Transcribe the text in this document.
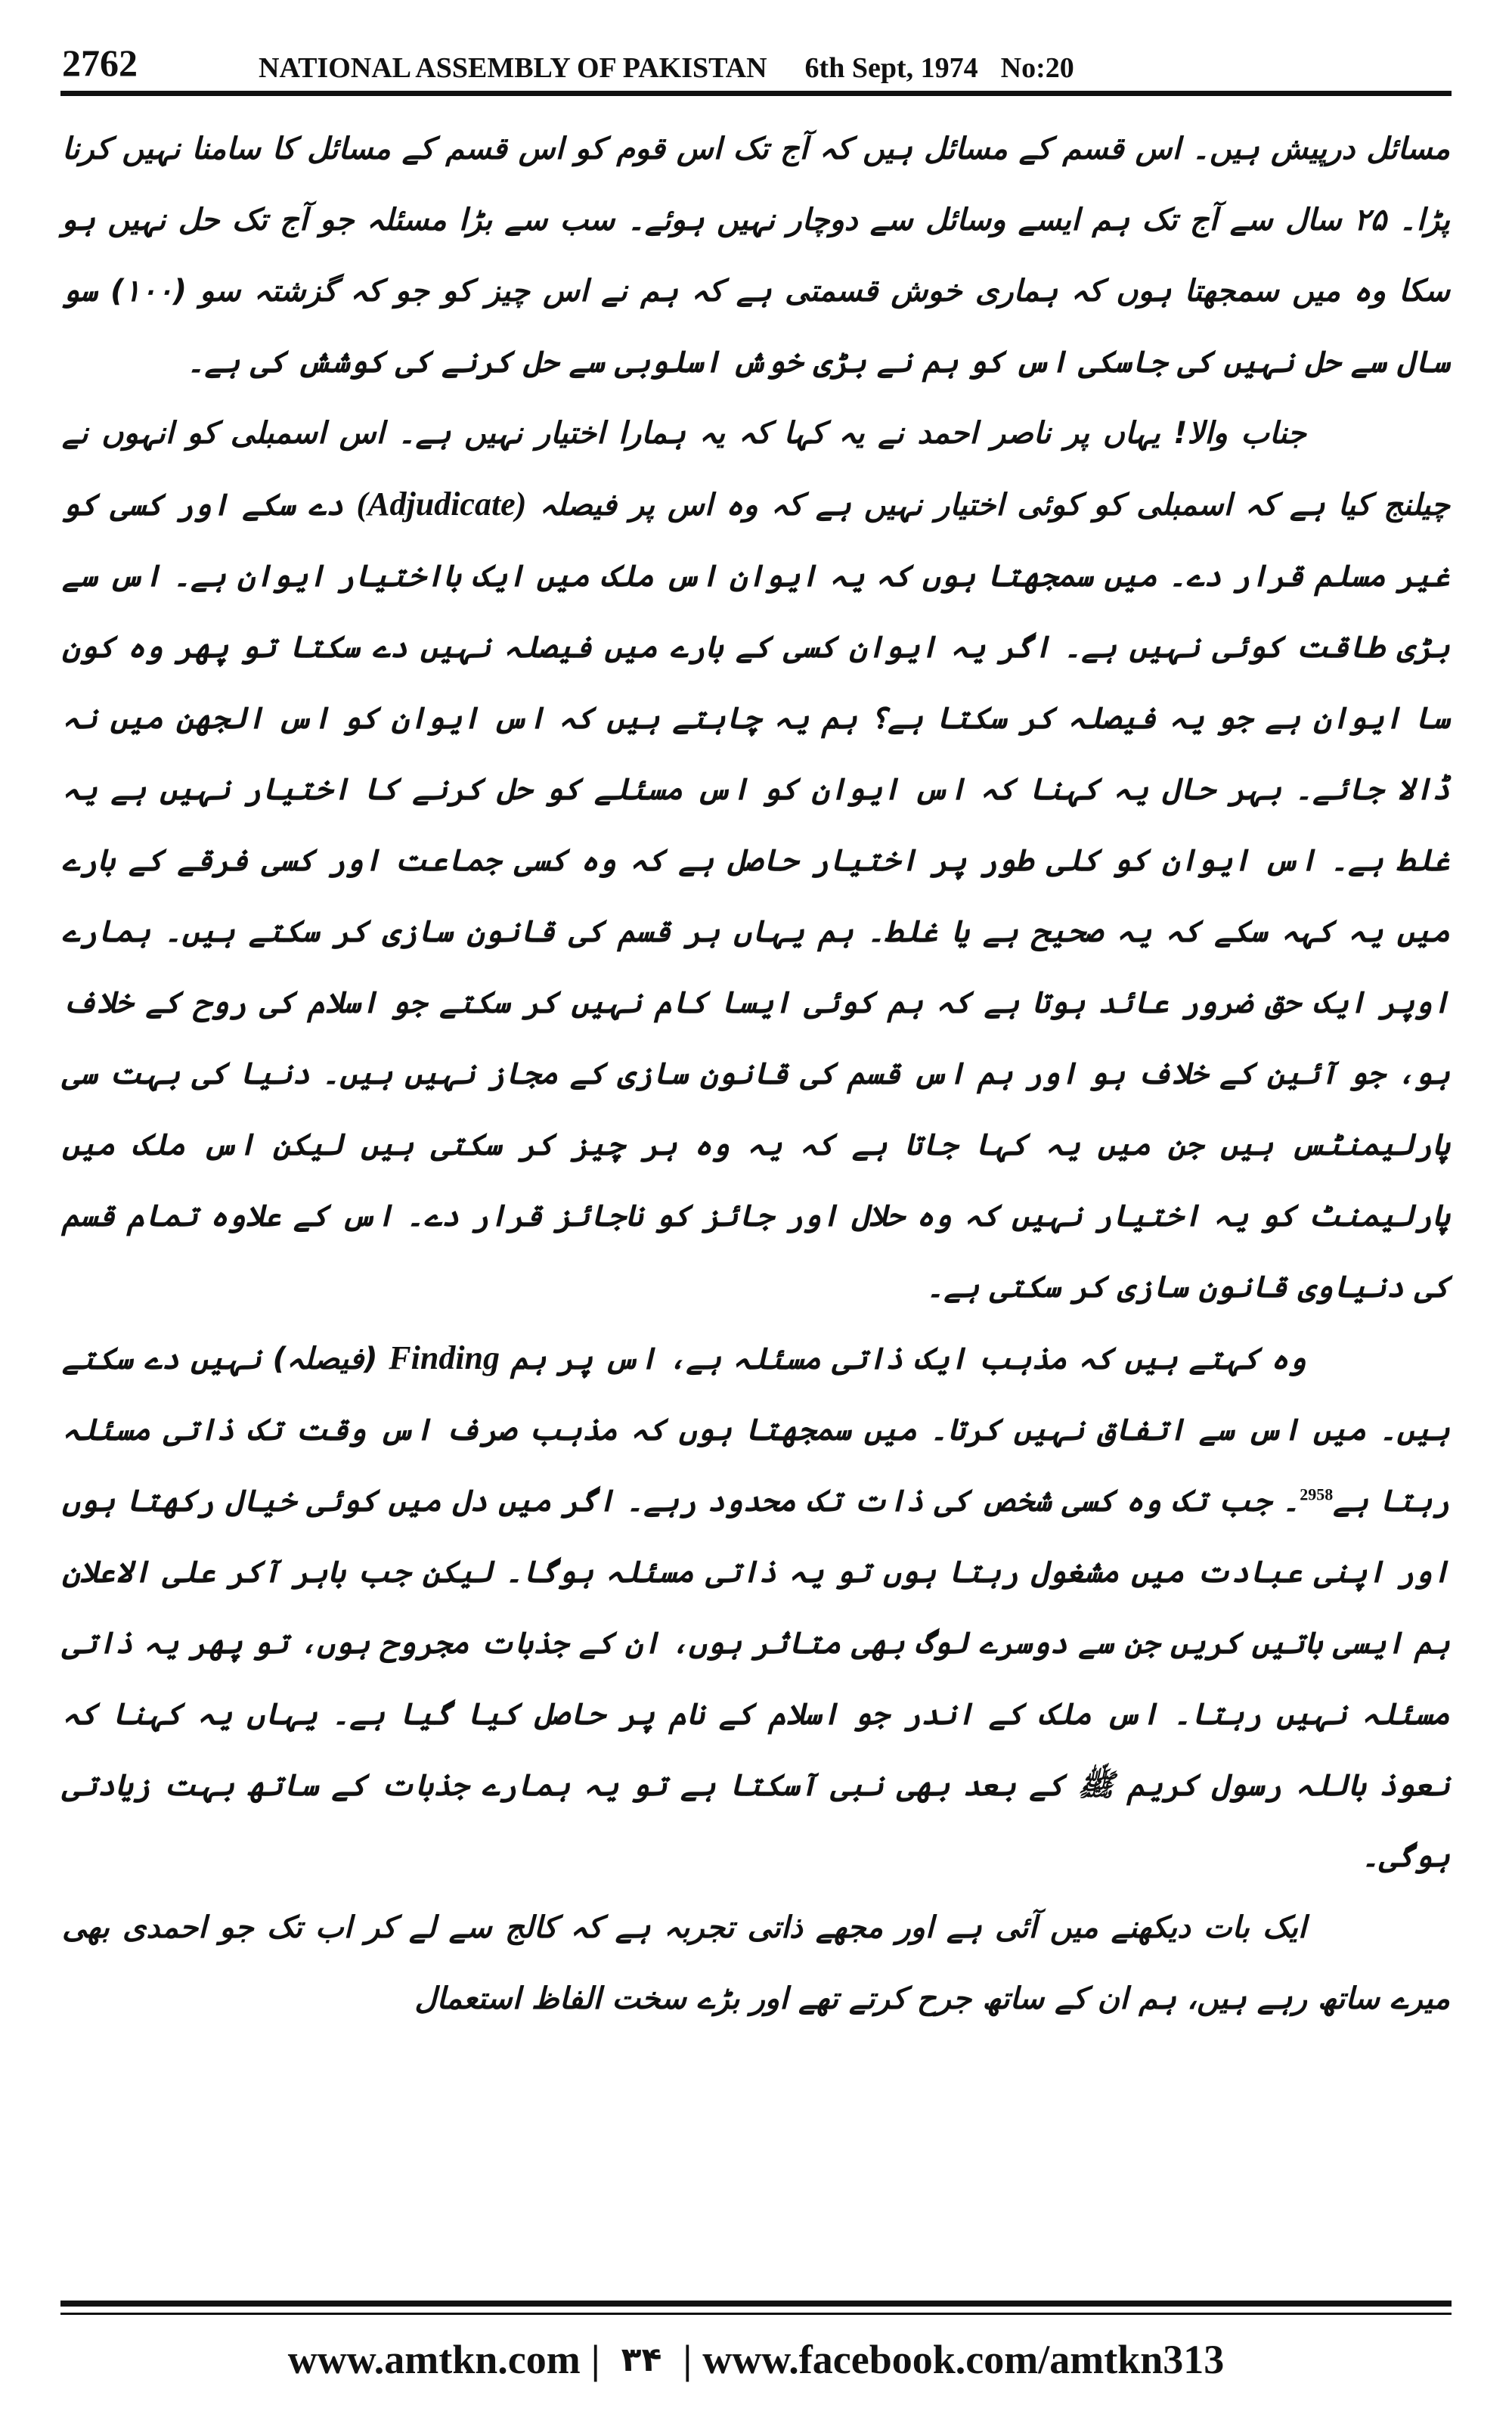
2762	NATIONAL ASSEMBLY OF PAKISTAN 6th Sept, 1974 No:20

مسائل درپیش ہیں۔ اس قسم کے مسائل ہیں کہ آج تک اس قوم کو اس قسم کے مسائل کا سامنا نہیں کرنا پڑا۔ ۲۵ سال سے آج تک ہم ایسے وسائل سے دوچار نہیں ہوئے۔ سب سے بڑا مسئلہ جو آج تک حل نہیں ہو سکا وہ میں سمجھتا ہوں کہ ہماری خوش قسمتی ہے کہ ہم نے اس چیز کو جو کہ گزشتہ سو (۱۰۰) سو سال سے حل نہیں کی جاسکی اس کو ہم نے بڑی خوش اسلوبی سے حل کرنے کی کوشش کی ہے۔

جناب والا! یہاں پر ناصر احمد نے یہ کہا کہ یہ ہمارا اختیار نہیں ہے۔ اس اسمبلی کو انہوں نے چیلنج کیا ہے کہ اسمبلی کو کوئی اختیار نہیں ہے کہ وہ اس پر فیصلہ (Adjudicate) دے سکے اور کسی کو غیر مسلم قرار دے۔ میں سمجھتا ہوں کہ یہ ایوان اس ملک میں ایک بااختیار ایوان ہے۔ اس سے بڑی طاقت کوئی نہیں ہے۔ اگر یہ ایوان کسی کے بارے میں فیصلہ نہیں دے سکتا تو پھر وہ کون سا ایوان ہے جو یہ فیصلہ کر سکتا ہے؟ ہم یہ چاہتے ہیں کہ اس ایوان کو اس الجھن میں نہ ڈالا جائے۔ بہر حال یہ کہنا کہ اس ایوان کو اس مسئلے کو حل کرنے کا اختیار نہیں ہے یہ غلط ہے۔ اس ایوان کو کلی طور پر اختیار حاصل ہے کہ وہ کسی جماعت اور کسی فرقے کے بارے میں یہ کہہ سکے کہ یہ صحیح ہے یا غلط۔ ہم یہاں ہر قسم کی قانون سازی کر سکتے ہیں۔ ہمارے اوپر ایک حق ضرور عائد ہوتا ہے کہ ہم کوئی ایسا کام نہیں کر سکتے جو اسلام کی روح کے خلاف ہو، جو آئین کے خلاف ہو اور ہم اس قسم کی قانون سازی کے مجاز نہیں ہیں۔ دنیا کی بہت سی پارلیمنٹس ہیں جن میں یہ کہا جاتا ہے کہ یہ وہ ہر چیز کر سکتی ہیں لیکن اس ملک میں پارلیمنٹ کو یہ اختیار نہیں کہ وہ حلال اور جائز کو ناجائز قرار دے۔ اس کے علاوہ تمام قسم کی دنیاوی قانون سازی کر سکتی ہے۔

وہ کہتے ہیں کہ مذہب ایک ذاتی مسئلہ ہے، اس پر ہم Finding (فیصلہ) نہیں دے سکتے ہیں۔ میں اس سے اتفاق نہیں کرتا۔ میں سمجھتا ہوں کہ مذہب صرف اس وقت تک ذاتی مسئلہ رہتا ہے$^{2958}$۔ جب تک وہ کسی شخص کی ذات تک محدود رہے۔ اگر میں دل میں کوئی خیال رکھتا ہوں اور اپنی عبادت میں مشغول رہتا ہوں تو یہ ذاتی مسئلہ ہوگا۔ لیکن جب باہر آکر علی الاعلان ہم ایسی باتیں کریں جن سے دوسرے لوگ بھی متاثر ہوں، ان کے جذبات مجروح ہوں، تو پھر یہ ذاتی مسئلہ نہیں رہتا۔ اس ملک کے اندر جو اسلام کے نام پر حاصل کیا گیا ہے۔ یہاں یہ کہنا کہ نعوذ باللہ رسول کریم ﷺ کے بعد بھی نبی آسکتا ہے تو یہ ہمارے جذبات کے ساتھ بہت زیادتی ہوگی۔

ایک بات دیکھنے میں آئی ہے اور مجھے ذاتی تجربہ ہے کہ کالج سے لے کر اب تک جو احمدی بھی میرے ساتھ رہے ہیں، ہم ان کے ساتھ جرح کرتے تھے اور بڑے سخت الفاظ استعمال

www.amtkn.com | ۳۴ | www.facebook.com/amtkn313
